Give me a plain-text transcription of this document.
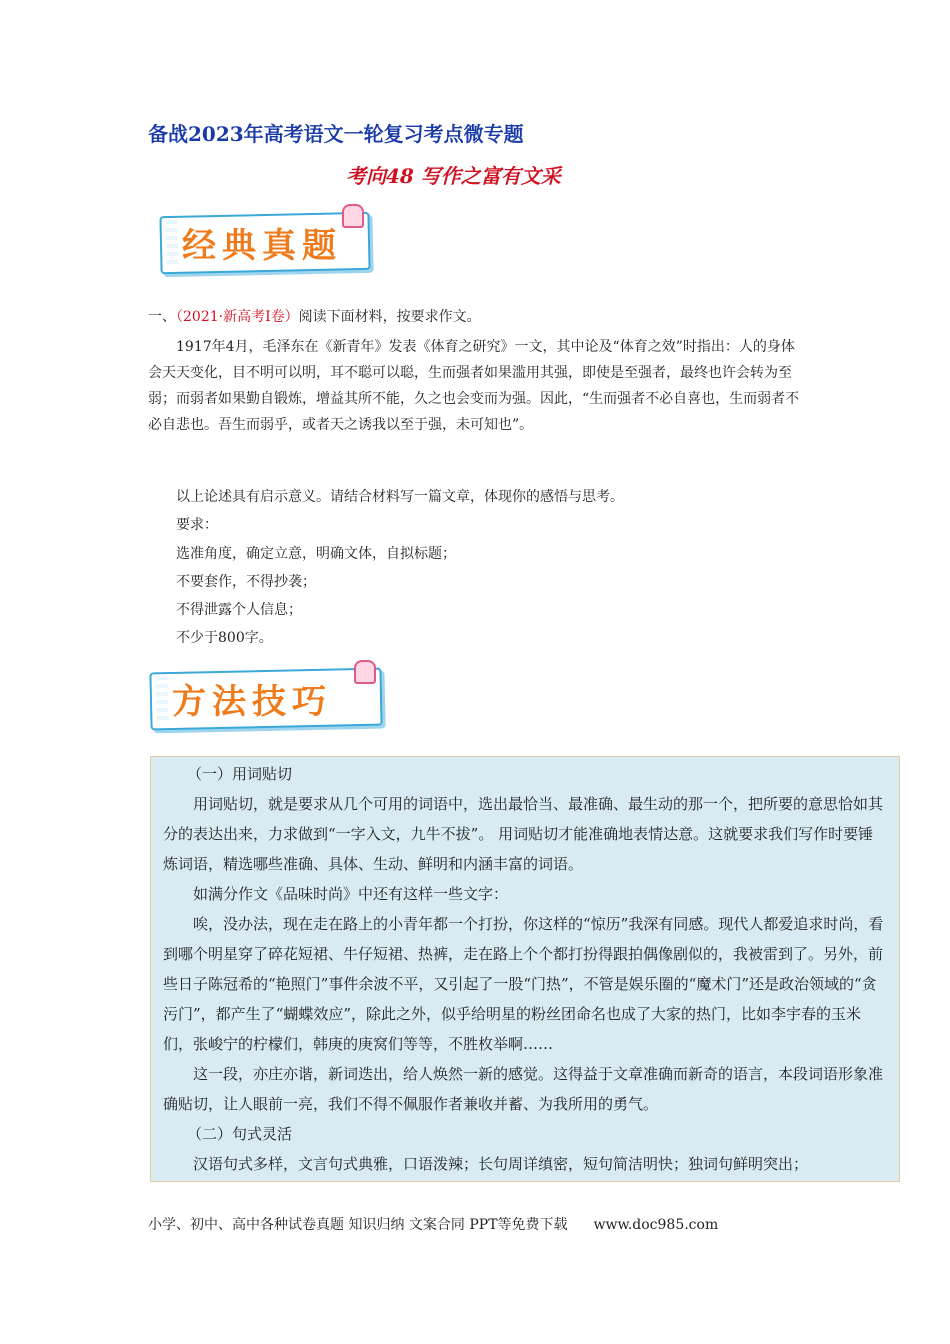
备战2023年高考语文一轮复习考点微专题
考向48 写作之富有文采
经典真题
一、（2021·新高考I卷）阅读下面材料，按要求作文。
1917年4月，毛泽东在《新青年》发表《体育之研究》一文，其中论及“体育之效”时指出：人的身体会天天变化，目不明可以明，耳不聪可以聪，生而强者如果滥用其强，即使是至强者，最终也许会转为至弱；而弱者如果勤自锻炼，增益其所不能，久之也会变而为强。因此，“生而强者不必自喜也，生而弱者不必自悲也。吾生而弱乎，或者天之诱我以至于强，未可知也”。
以上论述具有启示意义。请结合材料写一篇文章，体现你的感悟与思考。
要求：
选准角度，确定立意，明确文体，自拟标题；
不要套作，不得抄袭；
不得泄露个人信息；
不少于800字。
方法技巧

（一）用词贴切

用词贴切，就是要求从几个可用的词语中，选出最恰当、最准确、最生动的那一个，把所要的意思恰如其分的表达出来，力求做到“一字入文，九牛不拔”。 用词贴切才能准确地表情达意。这就要求我们写作时要锤炼词语，精选哪些准确、具体、生动、鲜明和内涵丰富的词语。

如满分作文《品味时尚》中还有这样一些文字：

唉，没办法，现在走在路上的小青年都一个打扮，你这样的“惊历”我深有同感。现代人都爱追求时尚，看到哪个明星穿了碎花短裙、牛仔短裙、热裤，走在路上个个都打扮得跟拍偶像剧似的，我被雷到了。另外，前些日子陈冠希的“艳照门”事件余波不平，又引起了一股“门热”，不管是娱乐圈的“魔术门”还是政治领域的“贪污门”，都产生了“蝴蝶效应”，除此之外，似乎给明星的粉丝团命名也成了大家的热门，比如李宇春的玉米们，张峻宁的柠檬们，韩庚的庚窝们等等，不胜枚举啊……

这一段，亦庄亦谐，新词迭出，给人焕然一新的感觉。这得益于文章准确而新奇的语言，本段词语形象准确贴切，让人眼前一亮，我们不得不佩服作者兼收并蓄、为我所用的勇气。

（二）句式灵活

汉语句式多样，文言句式典雅，口语泼辣；长句周详缜密，短句简洁明快；独词句鲜明突出；

小学、初中、高中各种试卷真题 知识归纳 文案合同 PPT等免费下载 www.doc985.com
